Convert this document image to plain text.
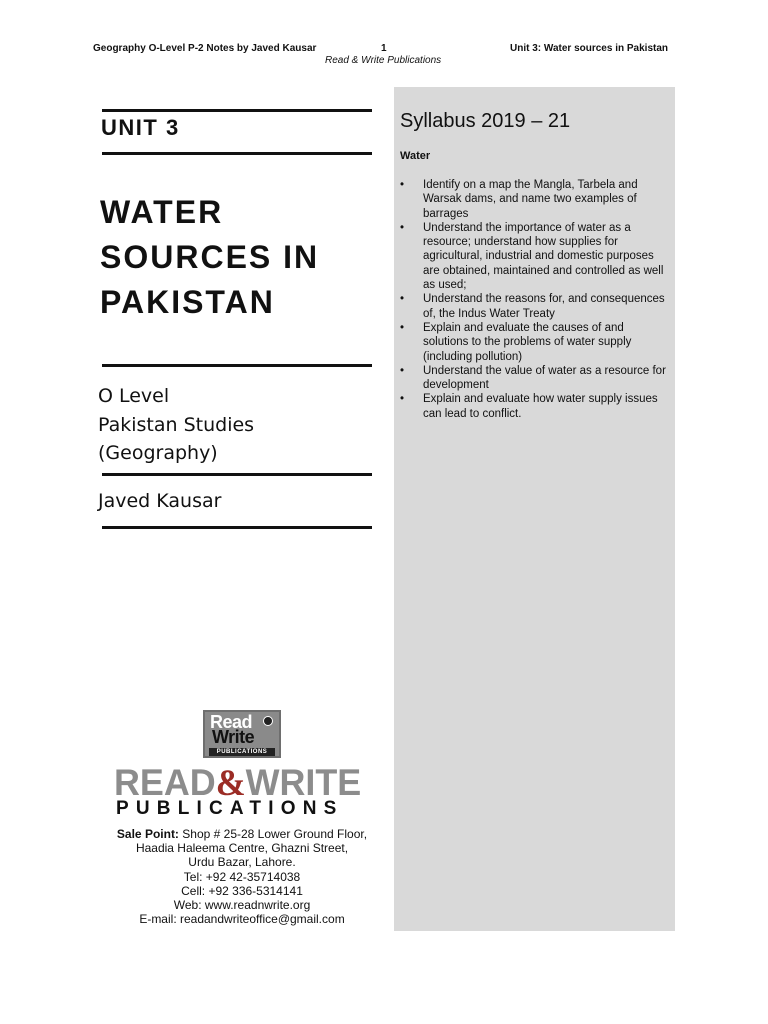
Geography O-Level P-2 Notes by Javed Kausar	1	Unit 3: Water sources in Pakistan
Read & Write Publications
UNIT 3
WATER
SOURCES IN
PAKISTAN
O Level
Pakistan Studies
(Geography)
Javed Kausar
Syllabus 2019 – 21
Water
• Identify on a map the Mangla, Tarbela and Warsak dams, and name two examples of barrages
• Understand the importance of water as a resource; understand how supplies for agricultural, industrial and domestic purposes are obtained, maintained and controlled as well as used;
• Understand the reasons for, and consequences of, the Indus Water Treaty
• Explain and evaluate the causes of and solutions to the problems of water supply (including pollution)
• Understand the value of water as a resource for development
• Explain and evaluate how water supply issues can lead to conflict.
Read
Write
PUBLICATIONS
READ&WRITE
PUBLICATIONS
Sale Point: Shop # 25-28 Lower Ground Floor,
Haadia Haleema Centre, Ghazni Street,
Urdu Bazar, Lahore.
Tel: +92 42-35714038
Cell: +92 336-5314141
Web: www.readnwrite.org
E-mail: readandwriteoffice@gmail.com
